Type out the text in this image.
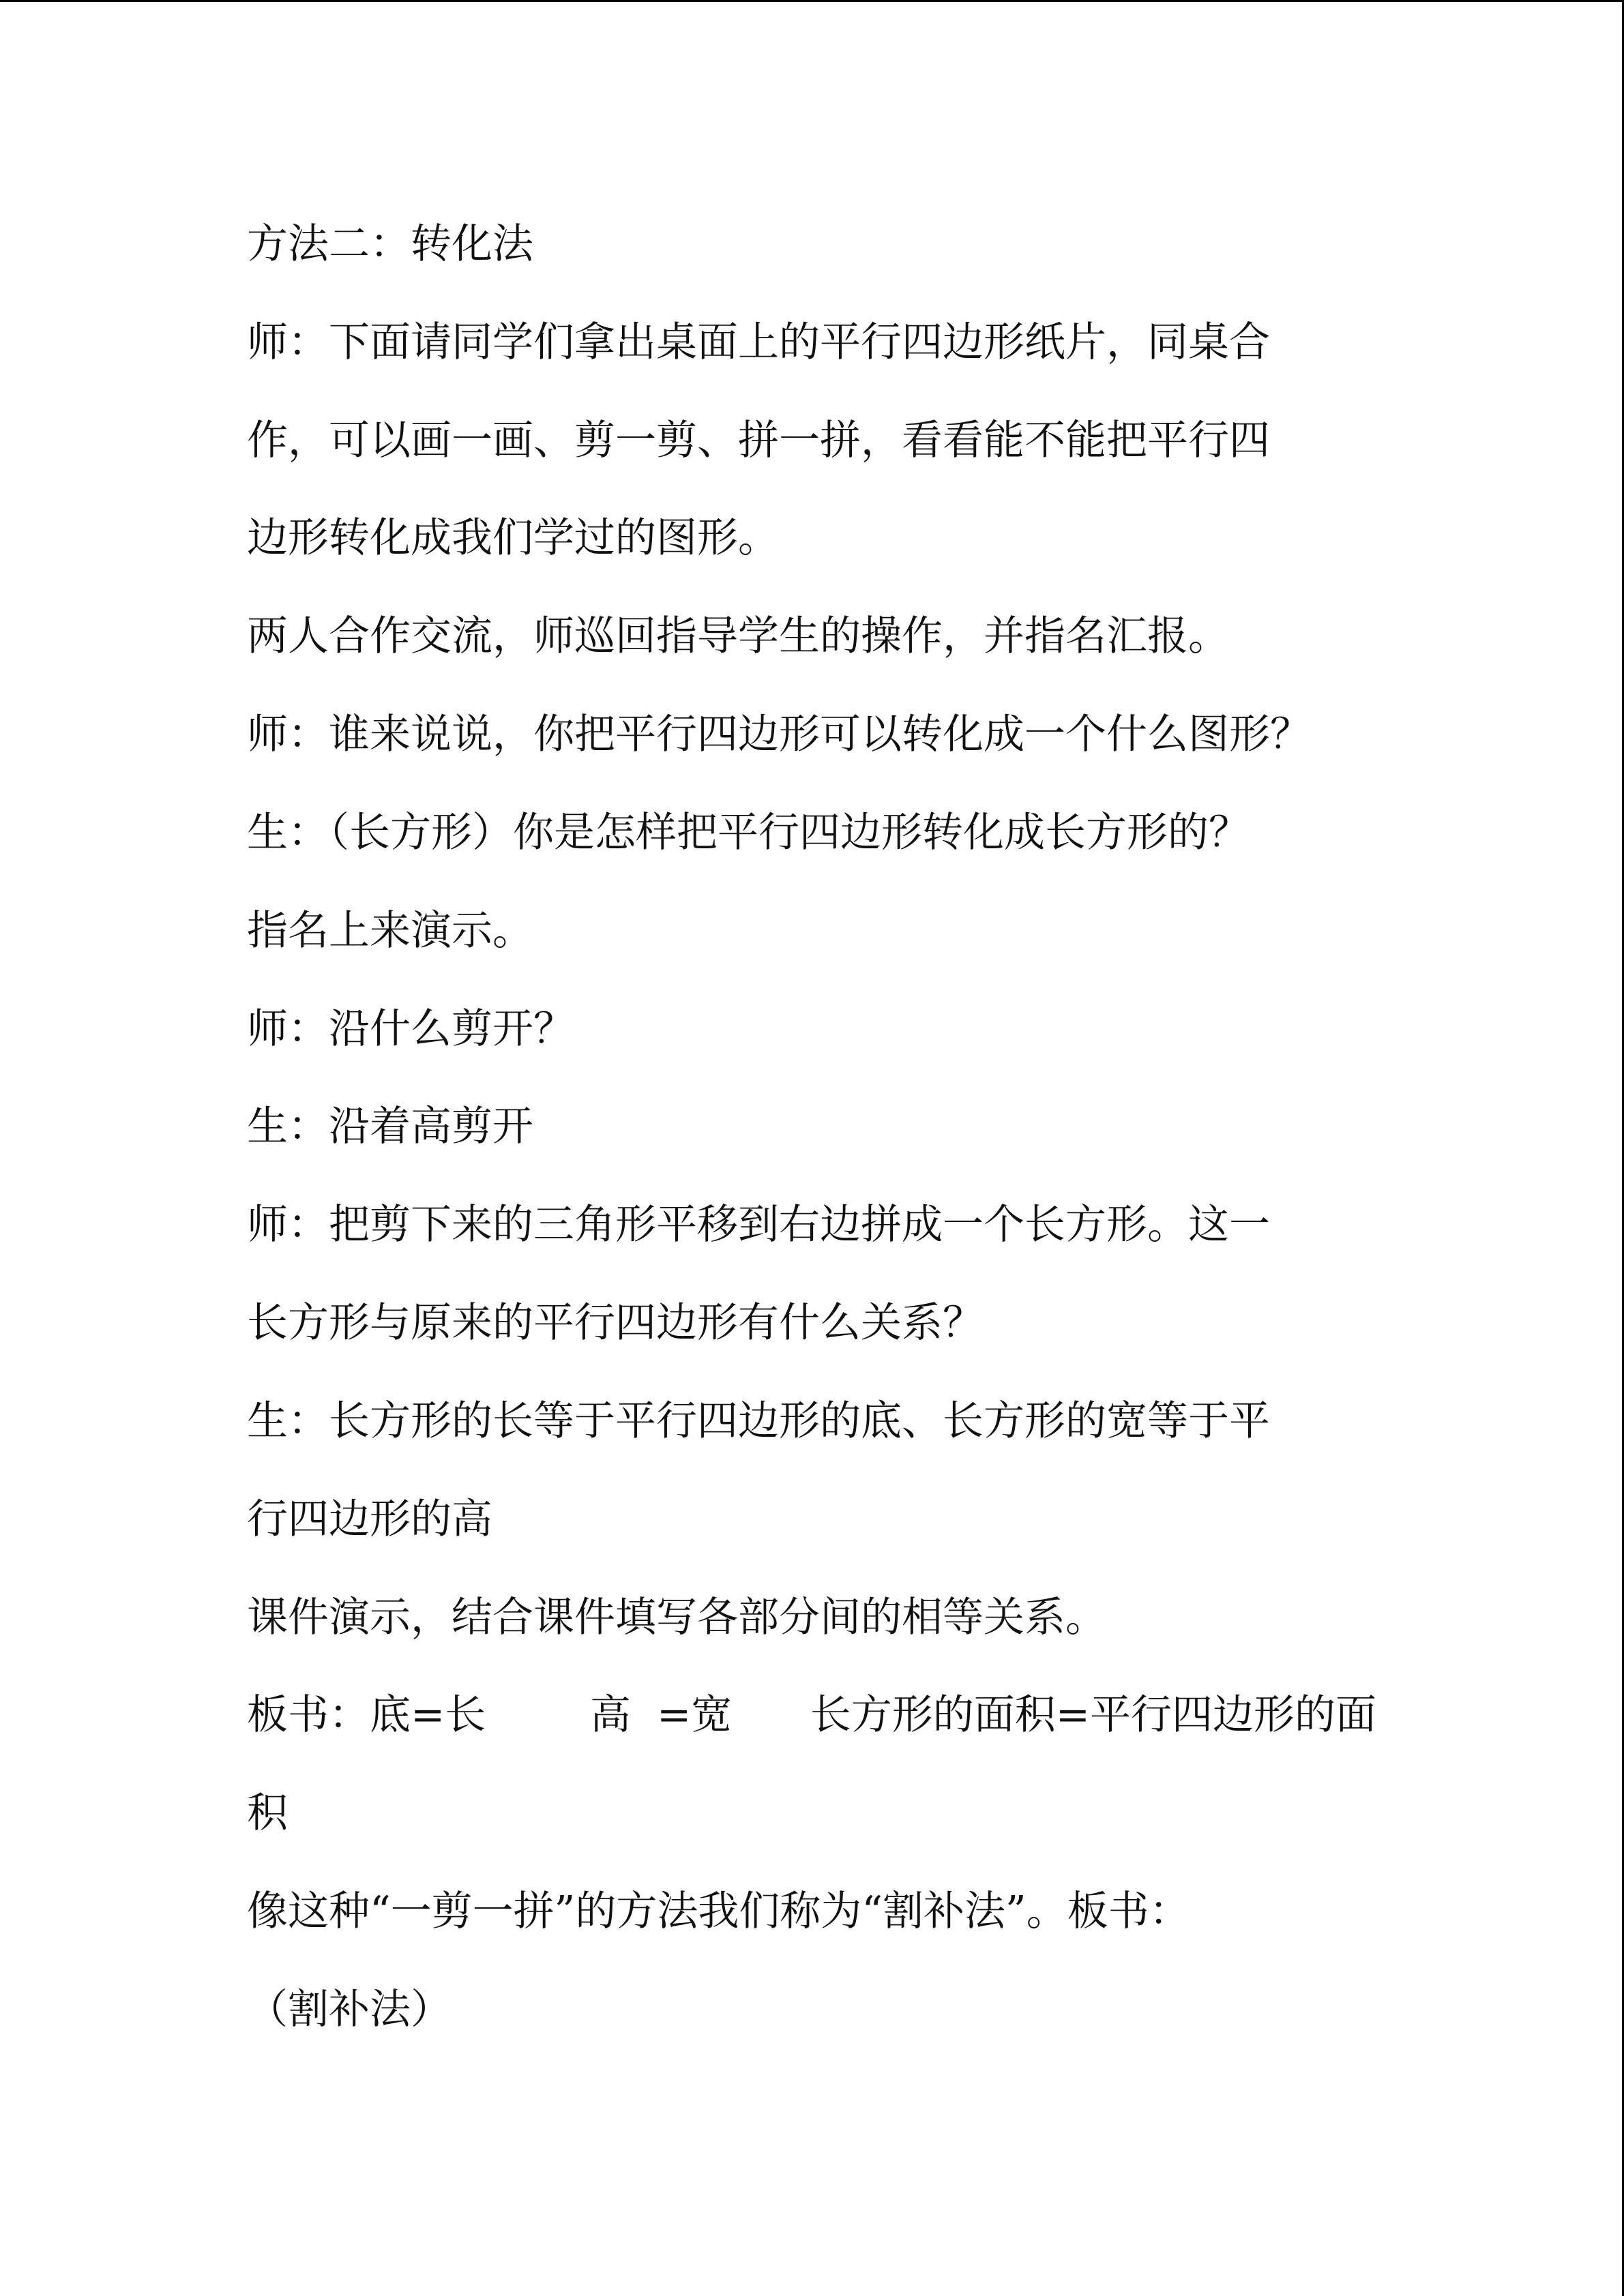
方法二：转化法
师：下面请同学们拿出桌面上的平行四边形纸片，同桌合
作，可以画一画、剪一剪、拼一拼，看看能不能把平行四
边形转化成我们学过的图形。
两人合作交流，师巡回指导学生的操作，并指名汇报。
师：谁来说说，你把平行四边形可以转化成一个什么图形？
生：（长方形）你是怎样把平行四边形转化成长方形的？
指名上来演示。
师：沿什么剪开？
生：沿着高剪开
师：把剪下来的三角形平移到右边拼成一个长方形。这一
长方形与原来的平行四边形有什么关系？
生：长方形的长等于平行四边形的底、长方形的宽等于平
行四边形的高
课件演示，结合课件填写各部分间的相等关系。
板书：底=长        高  =宽      长方形的面积=平行四边形的面
积
像这种“一剪一拼”的方法我们称为“割补法”。板书：
（割补法）
